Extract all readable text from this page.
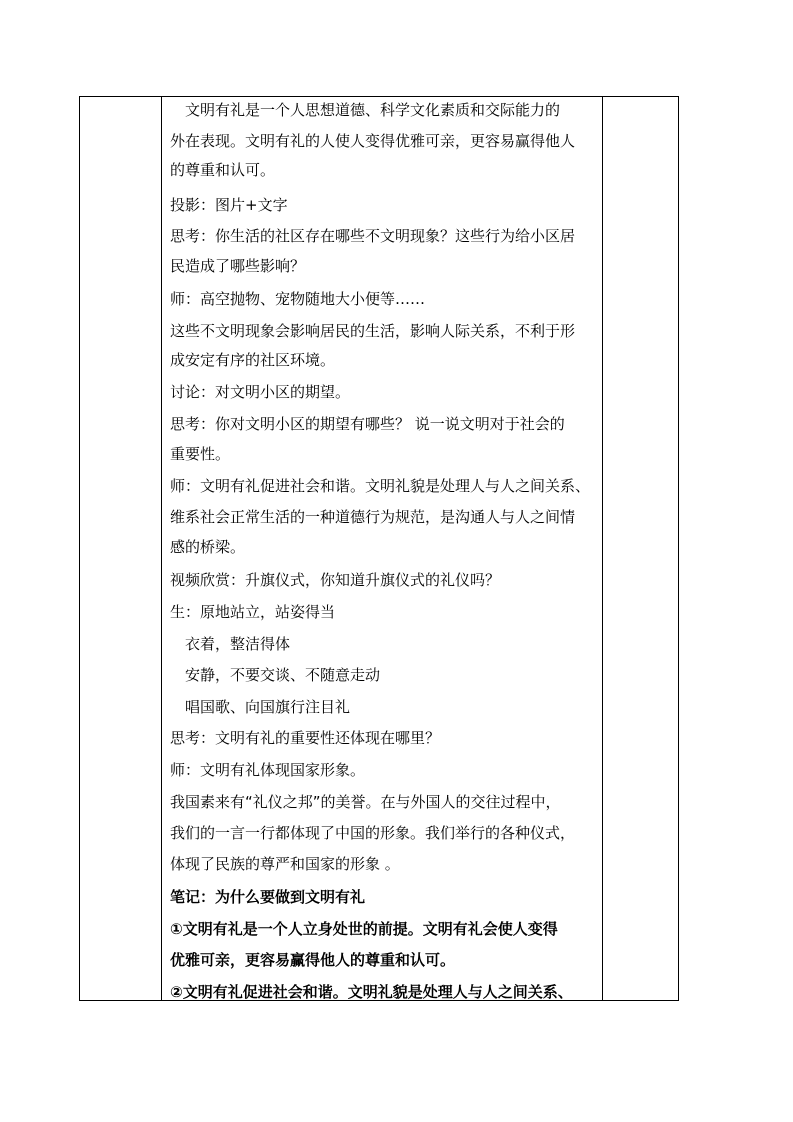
　文明有礼是一个人思想道德、科学文化素质和交际能力的
外在表现。文明有礼的人使人变得优雅可亲，更容易赢得他人
的尊重和认可。
投影：图片+文字
思考：你生活的社区存在哪些不文明现象？这些行为给小区居
民造成了哪些影响？
师：高空抛物、宠物随地大小便等……
这些不文明现象会影响居民的生活，影响人际关系，不利于形
成安定有序的社区环境。
讨论：对文明小区的期望。
思考：你对文明小区的期望有哪些？ 说一说文明对于社会的
重要性。
师：文明有礼促进社会和谐。文明礼貌是处理人与人之间关系、
维系社会正常生活的一种道德行为规范，是沟通人与人之间情
感的桥梁。
视频欣赏：升旗仪式，你知道升旗仪式的礼仪吗？
生：原地站立，站姿得当
　衣着，整洁得体
　安静，不要交谈、不随意走动
　唱国歌、向国旗行注目礼
思考：文明有礼的重要性还体现在哪里？
师：文明有礼体现国家形象。
我国素来有“礼仪之邦”的美誉。在与外国人的交往过程中，
我们的一言一行都体现了中国的形象。我们举行的各种仪式，
体现了民族的尊严和国家的形象 。
笔记：为什么要做到文明有礼
①文明有礼是一个人立身处世的前提。文明有礼会使人变得
优雅可亲，更容易赢得他人的尊重和认可。
②文明有礼促进社会和谐。文明礼貌是处理人与人之间关系、
